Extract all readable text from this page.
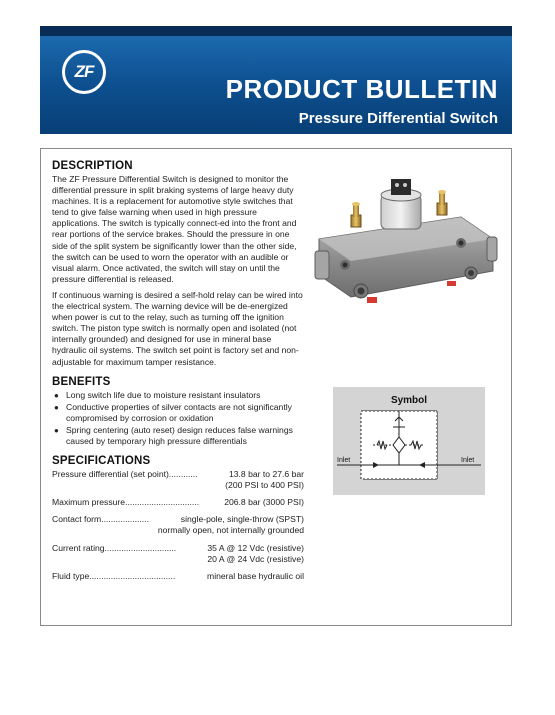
ZF
PRODUCT BULLETIN
Pressure Differential Switch
DESCRIPTION

The ZF Pressure Differential Switch is designed to monitor the differential pressure in split braking systems of large heavy duty machines. It is a replacement for automotive style switches that tend to give false warning when used in high pressure applications. The switch is typically connect-ed into the front and rear portions of the service brakes. Should the pressure in one side of the split system be significantly lower than the other side, the switch can be used to worn the operator with an audible or visual alarm. Once activated, the switch will stay on until the pressure differential is released.

If continuous warning is desired a self-hold relay can be wired into the electrical system. The warning device will be de-energized when power is cut to the relay, such as turning off the ignition switch. The piston type switch is normally open and isolated (not internally grounded) and designed for use in mineral base hydraulic oil systems. The switch set point is factory set and non-adjustable for maximum tamper resistance.

BENEFITS
● Long switch life due to moisture resistant insulators
● Conductive properties of silver contacts are not significantly compromised by corrosion or oxidation
● Spring centering (auto reset) design reduces false warnings caused by temporary high pressure differentials
SPECIFICATIONS
Pressure differential (set point) ............	13.8 bar to 27.6 bar
(200 PSI to 400 PSI)
Maximum pressure ...............................	206.8 bar (3000 PSI)
Contact form ....................	single-pole, single-throw (SPST)
normally open, not internally grounded
Current rating ..............................	35 A @ 12 Vdc (resistive)
20 A @ 24 Vdc (resistive)
Fluid type ....................................	mineral base hydraulic oil
Symbol
Inlet	Inlet
